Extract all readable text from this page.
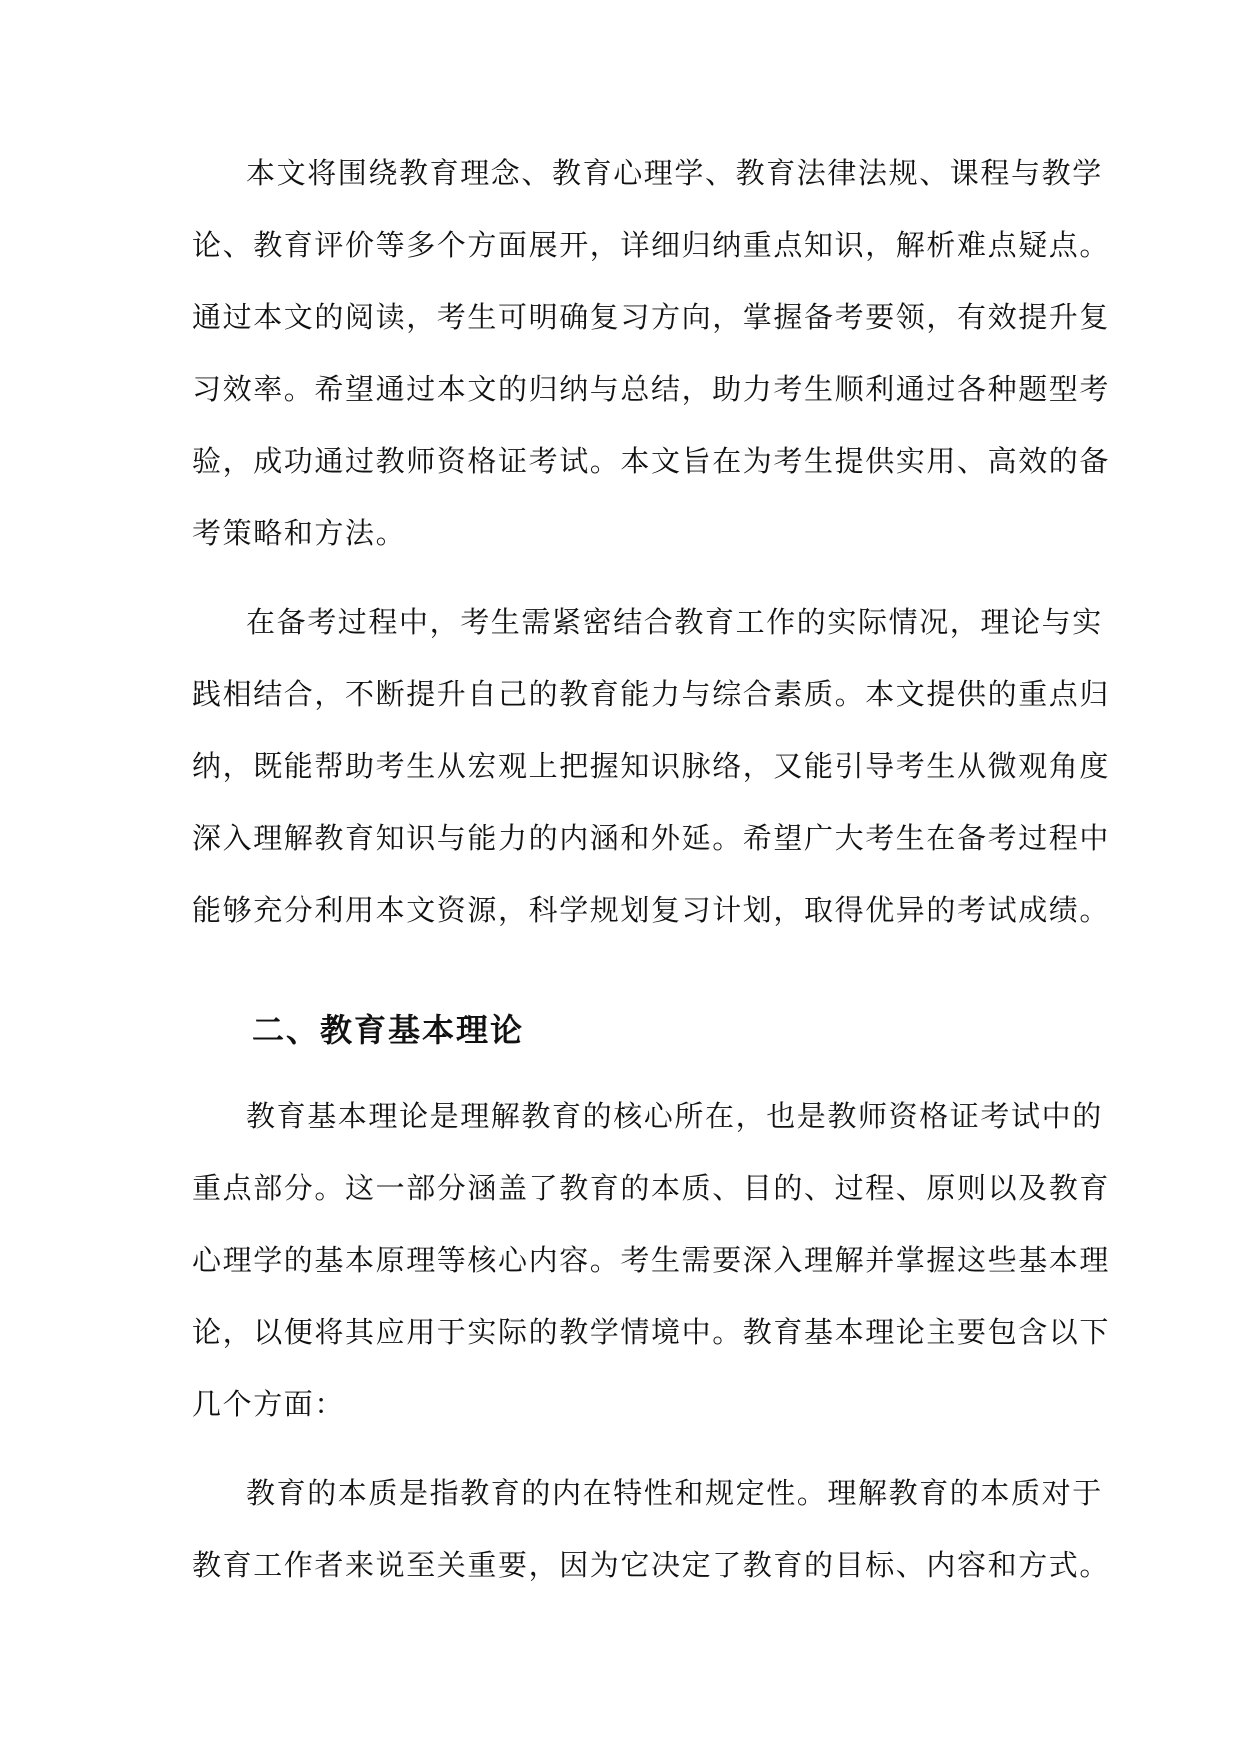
本文将围绕教育理念、教育心理学、教育法律法规、课程与教学
论、教育评价等多个方面展开，详细归纳重点知识，解析难点疑点。
通过本文的阅读，考生可明确复习方向，掌握备考要领，有效提升复
习效率。希望通过本文的归纳与总结，助力考生顺利通过各种题型考
验，成功通过教师资格证考试。本文旨在为考生提供实用、高效的备
考策略和方法。
在备考过程中，考生需紧密结合教育工作的实际情况，理论与实
践相结合，不断提升自己的教育能力与综合素质。本文提供的重点归
纳，既能帮助考生从宏观上把握知识脉络，又能引导考生从微观角度
深入理解教育知识与能力的内涵和外延。希望广大考生在备考过程中
能够充分利用本文资源，科学规划复习计划，取得优异的考试成绩。
二、教育基本理论
教育基本理论是理解教育的核心所在，也是教师资格证考试中的
重点部分。这一部分涵盖了教育的本质、目的、过程、原则以及教育
心理学的基本原理等核心内容。考生需要深入理解并掌握这些基本理
论，以便将其应用于实际的教学情境中。教育基本理论主要包含以下
几个方面：
教育的本质是指教育的内在特性和规定性。理解教育的本质对于
教育工作者来说至关重要，因为它决定了教育的目标、内容和方式。
